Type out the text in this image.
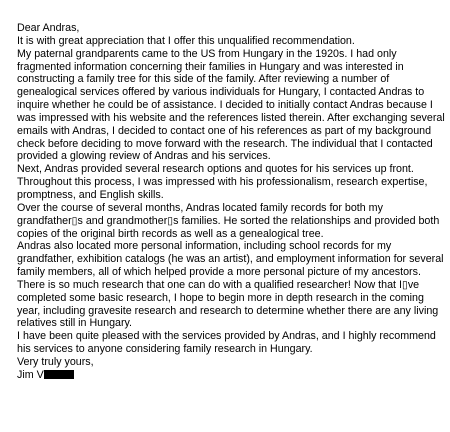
Dear Andras,

It is with great appreciation that I offer this unqualified recommendation.

My paternal grandparents came to the US from Hungary in the 1920s. I had only fragmented information concerning their families in Hungary and was interested in constructing a family tree for this side of the family. After reviewing a number of genealogical services offered by various individuals for Hungary, I contacted Andras to inquire whether he could be of assistance. I decided to initially contact Andras because I was impressed with his website and the references listed therein. After exchanging several emails with Andras, I decided to contact one of his references as part of my background check before deciding to move forward with the research. The individual that I contacted provided a glowing review of Andras and his services.

Next, Andras provided several research options and quotes for his services up front. Throughout this process, I was impressed with his professionalism, research expertise, promptness, and English skills.

Over the course of several months, Andras located family records for both my grandfather▯s and grandmother▯s families. He sorted the relationships and provided both copies of the original birth records as well as a genealogical tree.

Andras also located more personal information, including school records for my grandfather, exhibition catalogs (he was an artist), and employment information for several family members, all of which helped provide a more personal picture of my ancestors.

There is so much research that one can do with a qualified researcher! Now that I▯ve completed some basic research, I hope to begin more in depth research in the coming year, including gravesite research and research to determine whether there are any living relatives still in Hungary.

I have been quite pleased with the services provided by Andras, and I highly recommend his services to anyone considering family research in Hungary.

Very truly yours,

Jim V
